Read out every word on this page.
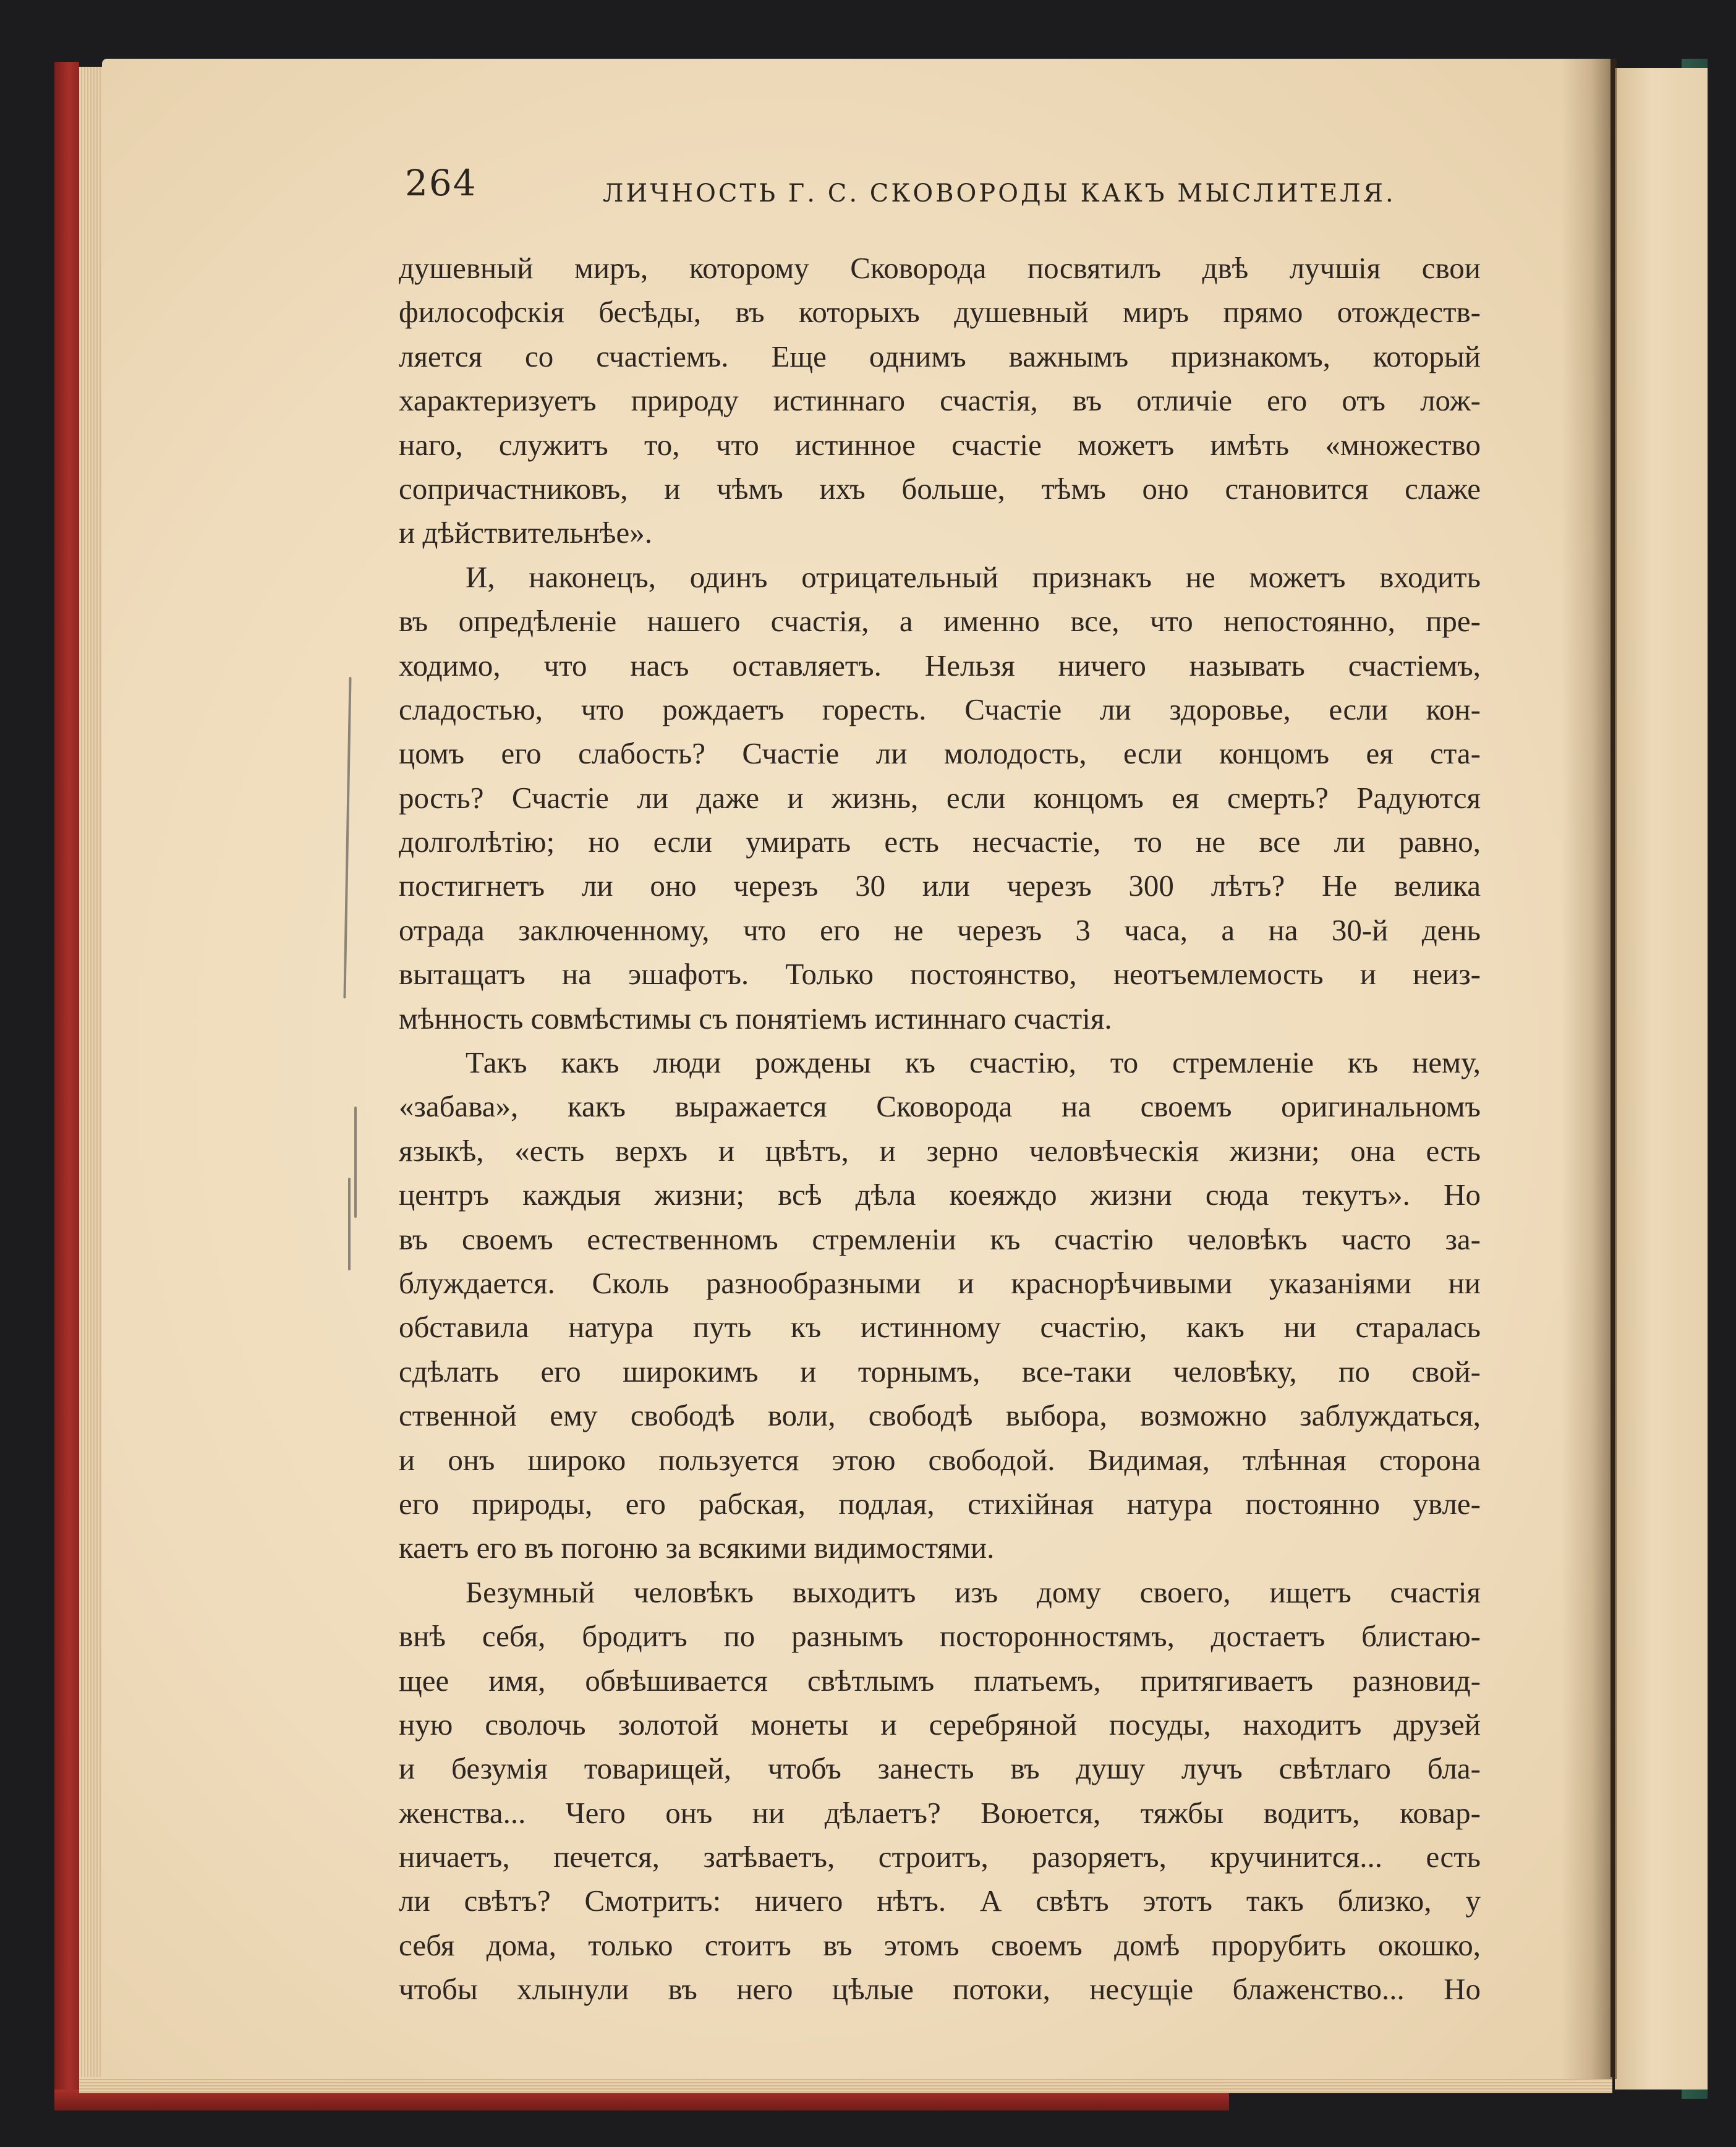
264	ЛИЧНОСТЬ Г. С. СКОВОРОДЫ КАКЪ МЫСЛИТЕЛЯ.
душевный миръ, которому Сковорода посвятилъ двѣ лучшія свои
философскія бесѣды, въ которыхъ душевный миръ прямо отождеств-
ляется со счастіемъ. Еще однимъ важнымъ признакомъ, который
характеризуетъ природу истиннаго счастія, въ отличіе его отъ лож-
наго, служитъ то, что истинное счастіе можетъ имѣть «множество
сопричастниковъ, и чѣмъ ихъ больше, тѣмъ оно становится слаже
и дѣйствительнѣе».
И, наконецъ, одинъ отрицательный признакъ не можетъ входить
въ опредѣленіе нашего счастія, а именно все, что непостоянно, пре-
ходимо, что насъ оставляетъ. Нельзя ничего называть счастіемъ,
сладостью, что рождаетъ горесть. Счастіе ли здоровье, если кон-
цомъ его слабость? Счастіе ли молодость, если концомъ ея ста-
рость? Счастіе ли даже и жизнь, если концомъ ея смерть? Радуются
долголѣтію; но если умирать есть несчастіе, то не все ли равно,
постигнетъ ли оно черезъ 30 или черезъ 300 лѣтъ? Не велика
отрада заключенному, что его не черезъ 3 часа, а на 30-й день
вытащатъ на эшафотъ. Только постоянство, неотъемлемость и неиз-
мѣнность совмѣстимы съ понятіемъ истиннаго счастія.
Такъ какъ люди рождены къ счастію, то стремленіе къ нему,
«забава», какъ выражается Сковорода на своемъ оригинальномъ
языкѣ, «есть верхъ и цвѣтъ, и зерно человѣческія жизни; она есть
центръ каждыя жизни; всѣ дѣла коеяждо жизни сюда текутъ». Но
въ своемъ естественномъ стремленіи къ счастію человѣкъ часто за-
блуждается. Сколь разнообразными и краснорѣчивыми указаніями ни
обставила натура путь къ истинному счастію, какъ ни старалась
сдѣлать его широкимъ и торнымъ, все-таки человѣку, по свой-
ственной ему свободѣ воли, свободѣ выбора, возможно заблуждаться,
и онъ широко пользуется этою свободой. Видимая, тлѣнная сторона
его природы, его рабская, подлая, стихійная натура постоянно увле-
каетъ его въ погоню за всякими видимостями.
Безумный человѣкъ выходитъ изъ дому своего, ищетъ счастія
внѣ себя, бродитъ по разнымъ посторонностямъ, достаетъ блистаю-
щее имя, обвѣшивается свѣтлымъ платьемъ, притягиваетъ разновид-
ную сволочь золотой монеты и серебряной посуды, находитъ друзей
и безумія товарищей, чтобъ занесть въ душу лучъ свѣтлаго бла-
женства... Чего онъ ни дѣлаетъ? Воюется, тяжбы водитъ, ковар-
ничаетъ, печется, затѣваетъ, строитъ, разоряетъ, кручинится... есть
ли свѣтъ? Смотритъ: ничего нѣтъ. А свѣтъ этотъ такъ близко, у
себя дома, только стоитъ въ этомъ своемъ домѣ прорубить окошко,
чтобы хлынули въ него цѣлые потоки, несущіе блаженство... Но
